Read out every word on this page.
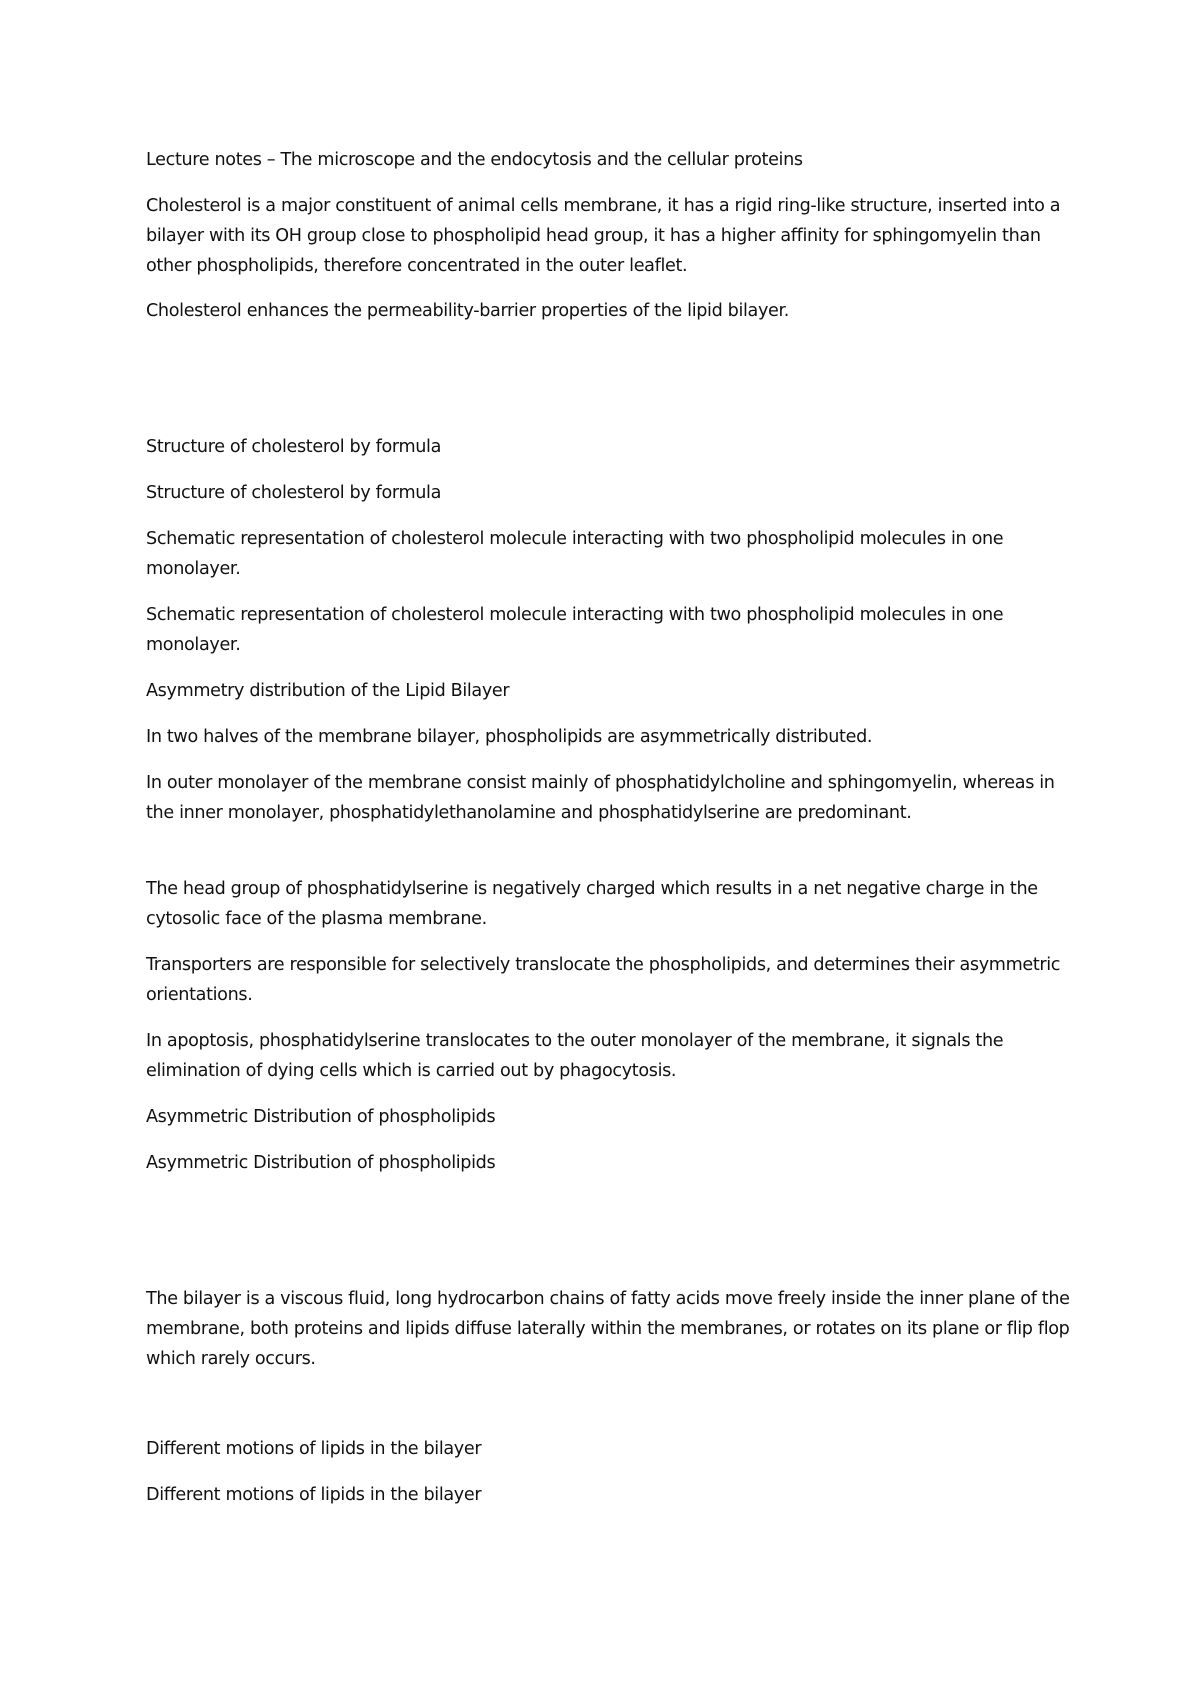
Lecture notes – The microscope and the endocytosis and the cellular proteins

Cholesterol is a major constituent of animal cells membrane, it has a rigid ring-like structure, inserted into a bilayer with its OH group close to phospholipid head group, it has a higher affinity for sphingomyelin than other phospholipids, therefore concentrated in the outer leaflet.

Cholesterol enhances the permeability-barrier properties of the lipid bilayer.

Structure of cholesterol by formula

Structure of cholesterol by formula

Schematic representation of cholesterol molecule interacting with two phospholipid molecules in one monolayer.

Schematic representation of cholesterol molecule interacting with two phospholipid molecules in one monolayer.

Asymmetry distribution of the Lipid Bilayer

In two halves of the membrane bilayer, phospholipids are asymmetrically distributed.

In outer monolayer of the membrane consist mainly of phosphatidylcholine and sphingomyelin, whereas in the inner monolayer, phosphatidylethanolamine and phosphatidylserine are predominant.

The head group of phosphatidylserine is negatively charged which results in a net negative charge in the cytosolic face of the plasma membrane.

Transporters are responsible for selectively translocate the phospholipids, and determines their asymmetric orientations.

In apoptosis, phosphatidylserine translocates to the outer monolayer of the membrane, it signals the elimination of dying cells which is carried out by phagocytosis.

Asymmetric Distribution of phospholipids

Asymmetric Distribution of phospholipids

The bilayer is a viscous fluid, long hydrocarbon chains of fatty acids move freely inside the inner plane of the membrane, both proteins and lipids diffuse laterally within the membranes, or rotates on its plane or flip flop which rarely occurs.

Different motions of lipids in the bilayer

Different motions of lipids in the bilayer
